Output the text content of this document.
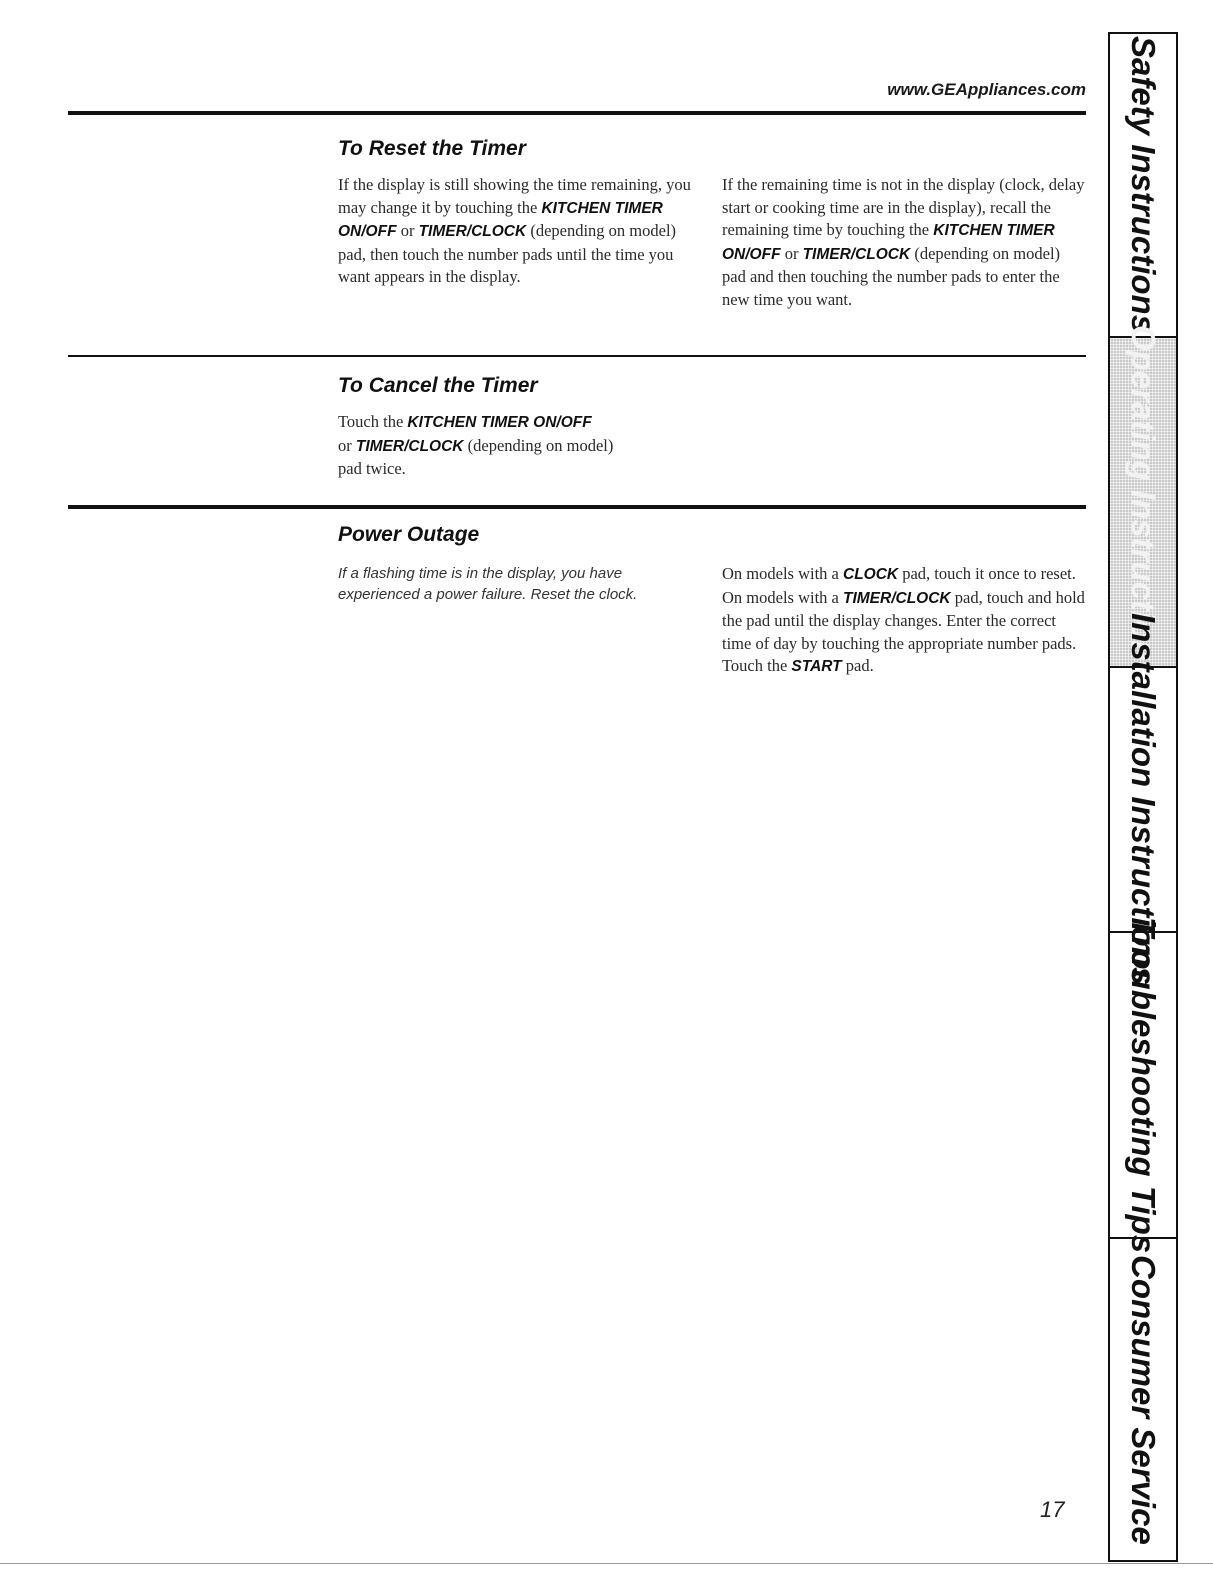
www.GEAppliances.com
To Reset the Timer

If the display is still showing the time remaining, you may change it by touching the KITCHEN TIMER ON/OFF or TIMER/CLOCK (depending on model) pad, then touch the number pads until the time you want appears in the display.

If the remaining time is not in the display (clock, delay start or cooking time are in the display), recall the remaining time by touching the KITCHEN TIMER ON/OFF or TIMER/CLOCK (depending on model) pad and then touching the number pads to enter the new time you want.

To Cancel the Timer

Touch the KITCHEN TIMER ON/OFF
or TIMER/CLOCK (depending on model)
pad twice.

Power Outage

If a flashing time is in the display, you have experienced a power failure. Reset the clock.

On models with a CLOCK pad, touch it once to reset. On models with a TIMER/CLOCK pad, touch and hold the pad until the display changes. Enter the correct time of day by touching the appropriate number pads. Touch the START pad.

17
Safety Instructions
Operating Instructions
Installation Instructions
Troubleshooting Tips
Consumer Service
